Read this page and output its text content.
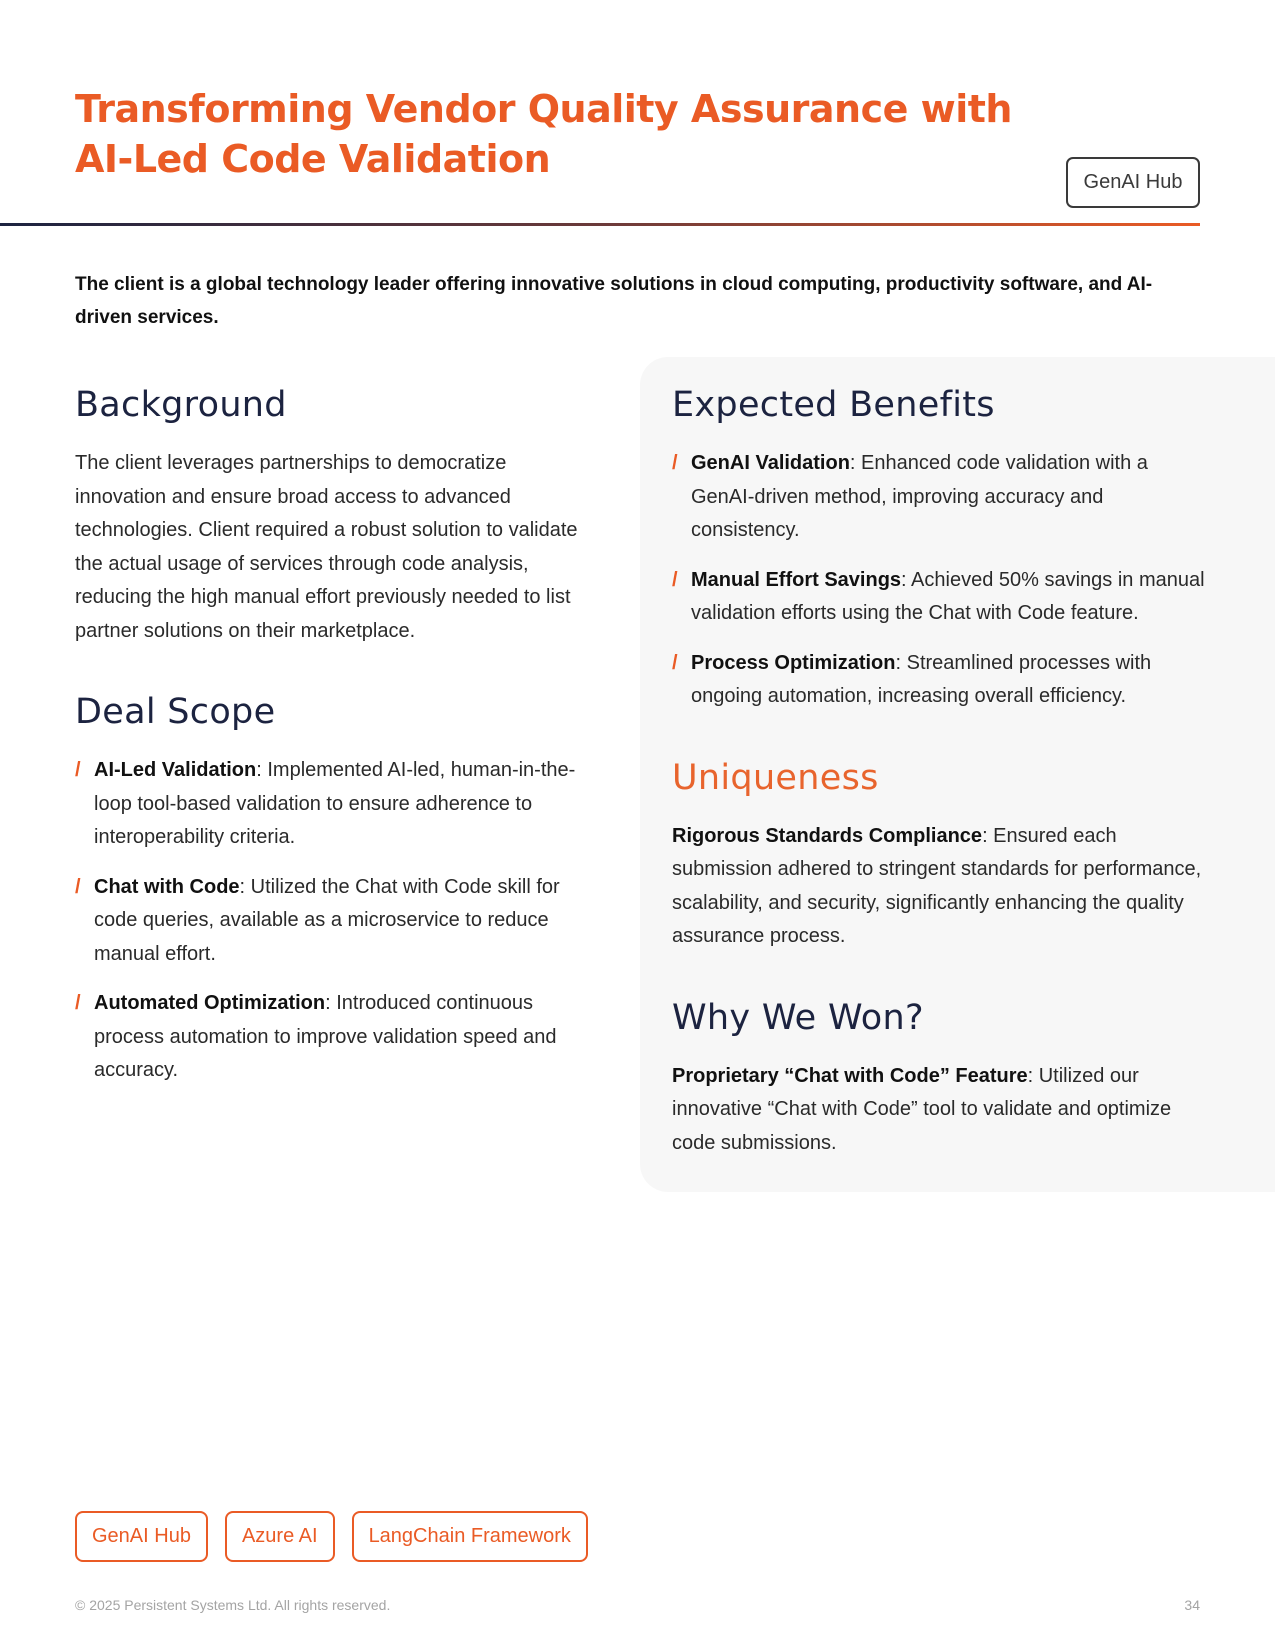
Transforming Vendor Quality Assurance with AI-Led Code Validation
GenAI Hub

The client is a global technology leader offering innovative solutions in cloud computing, productivity software, and AI-driven services.

Background

The client leverages partnerships to democratize innovation and ensure broad access to advanced technologies. Client required a robust solution to validate the actual usage of services through code analysis, reducing the high manual effort previously needed to list partner solutions on their marketplace.

Deal Scope
/ AI-Led Validation: Implemented AI-led, human-in-the-loop tool-based validation to ensure adherence to interoperability criteria.
/ Chat with Code: Utilized the Chat with Code skill for code queries, available as a microservice to reduce manual effort.
/ Automated Optimization: Introduced continuous process automation to improve validation speed and accuracy.
Expected Benefits
/ GenAI Validation: Enhanced code validation with a GenAI-driven method, improving accuracy and consistency.
/ Manual Effort Savings: Achieved 50% savings in manual validation efforts using the Chat with Code feature.
/ Process Optimization: Streamlined processes with ongoing automation, increasing overall efficiency.
Uniqueness

Rigorous Standards Compliance: Ensured each submission adhered to stringent standards for performance, scalability, and security, significantly enhancing the quality assurance process.

Why We Won?

Proprietary “Chat with Code” Feature: Utilized our innovative “Chat with Code” tool to validate and optimize code submissions.

GenAI Hub	Azure AI	LangChain Framework
© 2025 Persistent Systems Ltd. All rights reserved.	34
